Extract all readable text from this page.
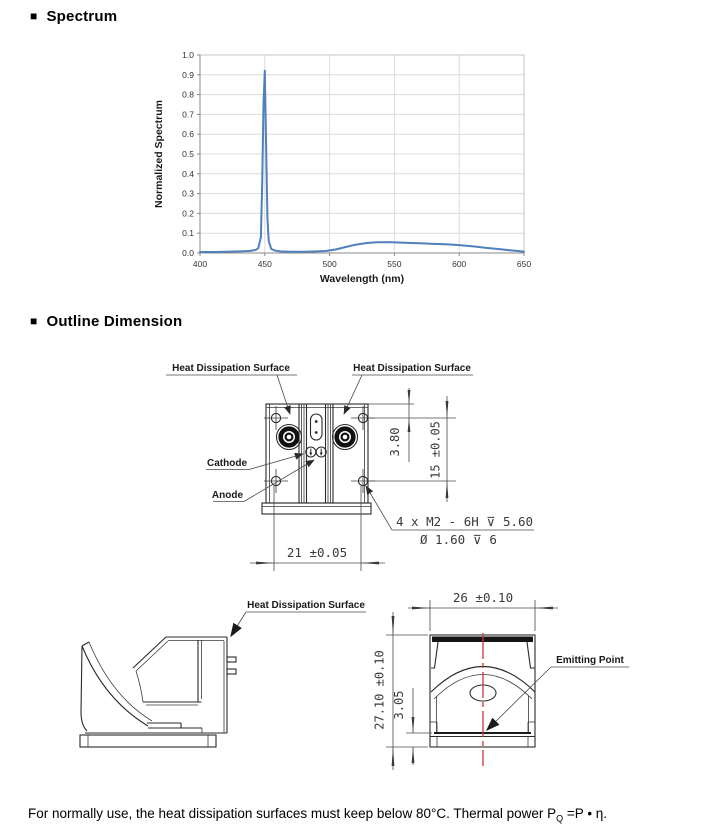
■ Spectrum
0.0
0.1
0.2
0.3
0.4
0.5
0.6
0.7
0.8
0.9
1.0
400	450	500	550	600	650
Wavelength (nm)
Normalized Spectrum
■ Outline Dimension
Heat Dissipation Surface	Heat Dissipation Surface
Cathode
Anode
3.80 15 ±0.05
21 ±0.05
4 x M2 - 6H ⊽ 5.60
Ø 1.60 ⊽ 6
Heat Dissipation Surface
26 ±0.10
27.10 ±0.10 3.05
Emitting Point
For normally use, the heat dissipation surfaces must keep below 80°C. Thermal power $P_Q =P$ • η.
